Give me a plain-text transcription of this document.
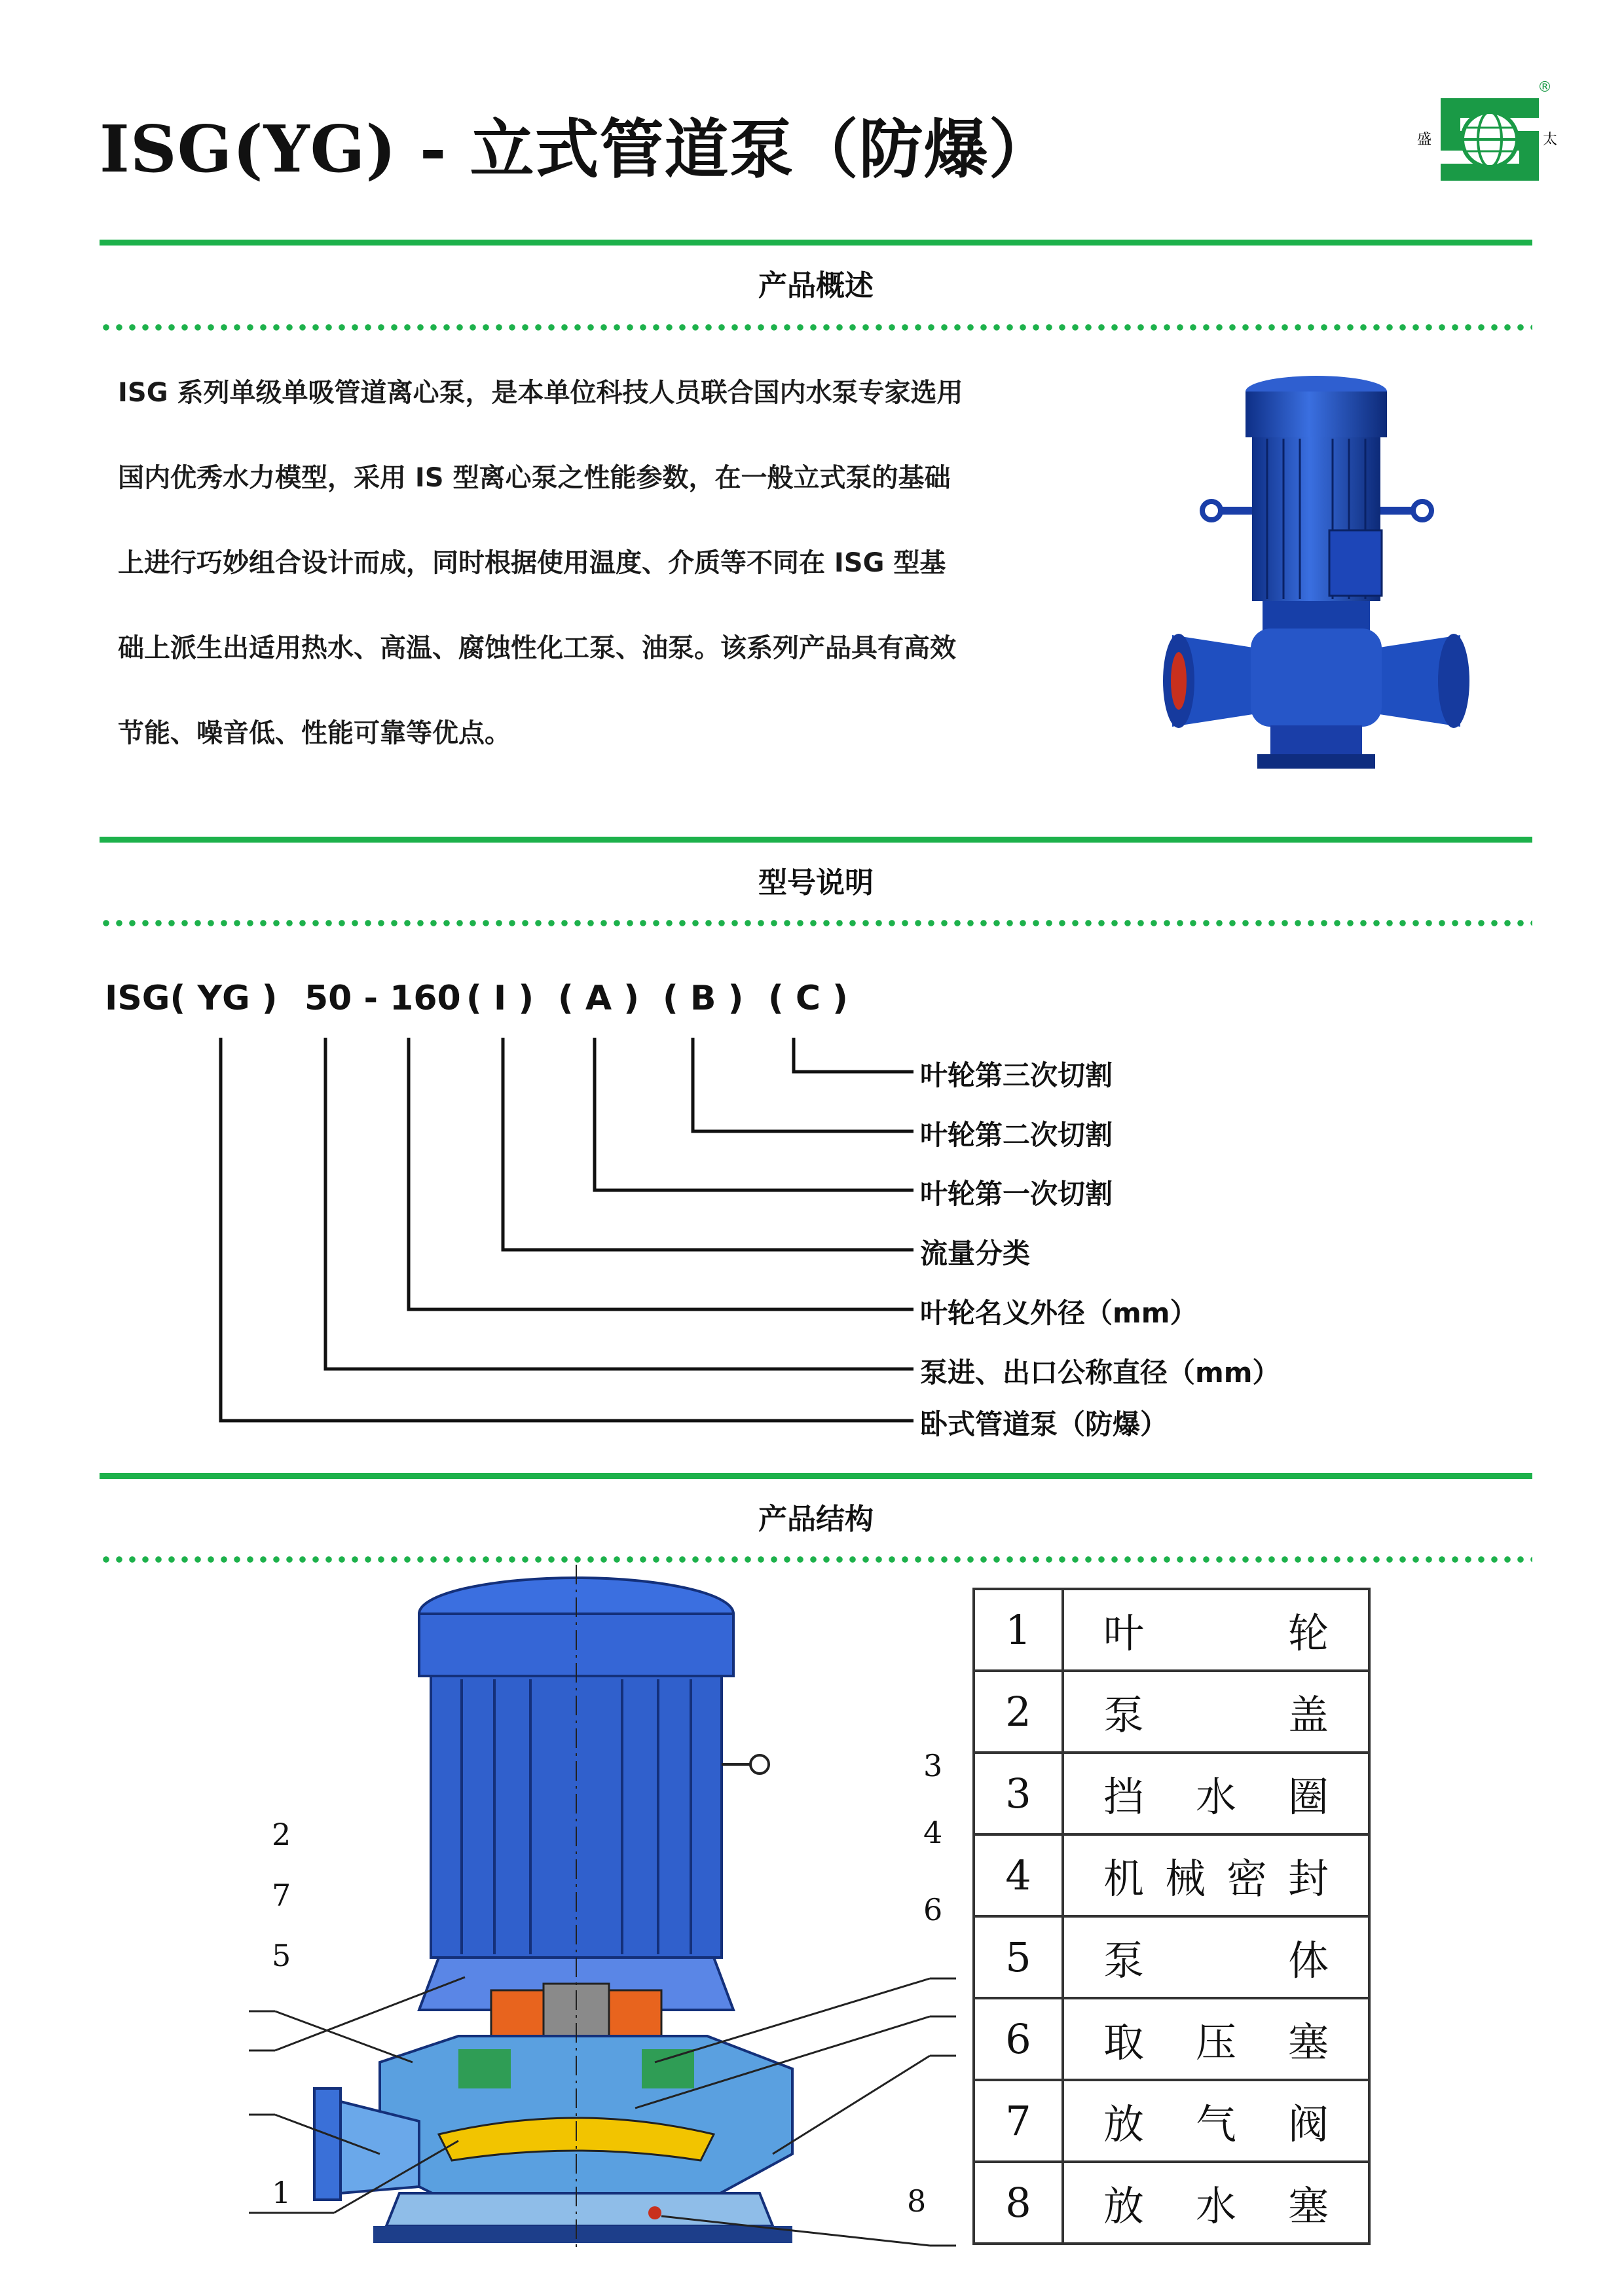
ISG(YG) - 立式管道泵（防爆）	盛	太
®
产品概述
ISG 系列单级单吸管道离心泵，是本单位科技人员联合国内水泵专家选用
国内优秀水力模型，采用 IS 型离心泵之性能参数，在一般立式泵的基础
上进行巧妙组合设计而成，同时根据使用温度、介质等不同在 ISG 型基
础上派生出适用热水、高温、腐蚀性化工泵、油泵。该系列产品具有高效
节能、噪音低、性能可靠等优点。
型号说明
ISG( YG ) 50 - 160 ( I ) ( A ) ( B ) ( C )
叶轮第三次切割
叶轮第二次切割
叶轮第一次切割
流量分类
叶轮名义外径（mm）
泵进、出口公称直径（mm）
卧式管道泵（防爆）
产品结构
1
2
3
4
5
6
7
8
1	叶 轮

2	泵 盖

3	挡 水 圈

4	机 械 密 封

5	泵 体

6	取 压 塞

7	放 气 阀

8	放 水 塞
